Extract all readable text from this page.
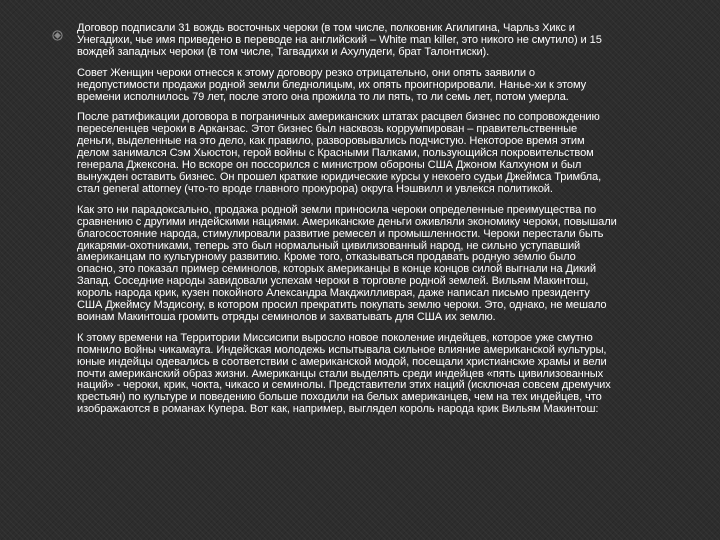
Договор подписали 31 вождь восточных чероки (в том числе, полковник Агилигина, Чарльз Хикс и Унегадихи, чье имя приведено в переводе на английский – White man killer, это никого не смутило) и 15 вождей западных чероки (в том числе, Тагвадихи и Ахулудеги, брат Талонтиски).

Совет Женщин чероки отнесся к этому договору резко отрицательно, они опять заявили о недопустимости продажи родной земли бледнолицым, их опять проигнорировали. Нанье-хи к этому времени исполнилось 79 лет, после этого она прожила то ли пять, то ли семь лет, потом умерла.

После ратификации договора в пограничных американских штатах расцвел бизнес по сопровождению переселенцев чероки в Арканзас. Этот бизнес был насквозь коррумпирован – правительственные деньги, выделенные на это дело, как правило, разворовывались подчистую. Некоторое время этим делом занимался Сэм Хьюстон, герой войны с Красными Палками, пользующийся покровительством генерала Джексона. Но вскоре он поссорился с министром обороны США Джоном Калхуном и был вынужден оставить бизнес. Он прошел краткие юридические курсы у некоего судьи Джеймса Тримбла, стал general attorney (что-то вроде главного прокурора) округа Нэшвилл и увлекся политикой.

Как это ни парадоксально, продажа родной земли приносила чероки определенные преимущества по сравнению с другими индейскими нациями. Американские деньги оживляли экономику чероки, повышали благосостояние народа, стимулировали развитие ремесел и промышленности. Чероки перестали быть дикарями-охотниками, теперь это был нормальный цивилизованный народ, не сильно уступавший американцам по культурному развитию. Кроме того, отказываться продавать родную землю было опасно, это показал пример семинолов, которых американцы в конце концов силой выгнали на Дикий Запад. Соседние народы завидовали успехам чероки в торговле родной землей. Вильям Макинтош, король народа крик, кузен покойного Александра Макджилливрая, даже написал письмо президенту США Джеймсу Мэдисону, в котором просил прекратить покупать землю чероки. Это, однако, не мешало воинам Макинтоша громить отряды семинолов и захватывать для США их землю.

К этому времени на Территории Миссисипи выросло новое поколение индейцев, которое уже смутно помнило войны чикамауга. Индейская молодежь испытывала сильное влияние американской культуры, юные индейцы одевались в соответствии с американской модой, посещали христианские храмы и вели почти американский образ жизни. Американцы стали выделять среди индейцев «пять цивилизованных наций» - чероки, крик, чокта, чикасо и семинолы. Представители этих наций (исключая совсем дремучих крестьян) по культуре и поведению больше походили на белых американцев, чем на тех индейцев, что изображаются в романах Купера. Вот как, например, выглядел король народа крик Вильям Макинтош:
